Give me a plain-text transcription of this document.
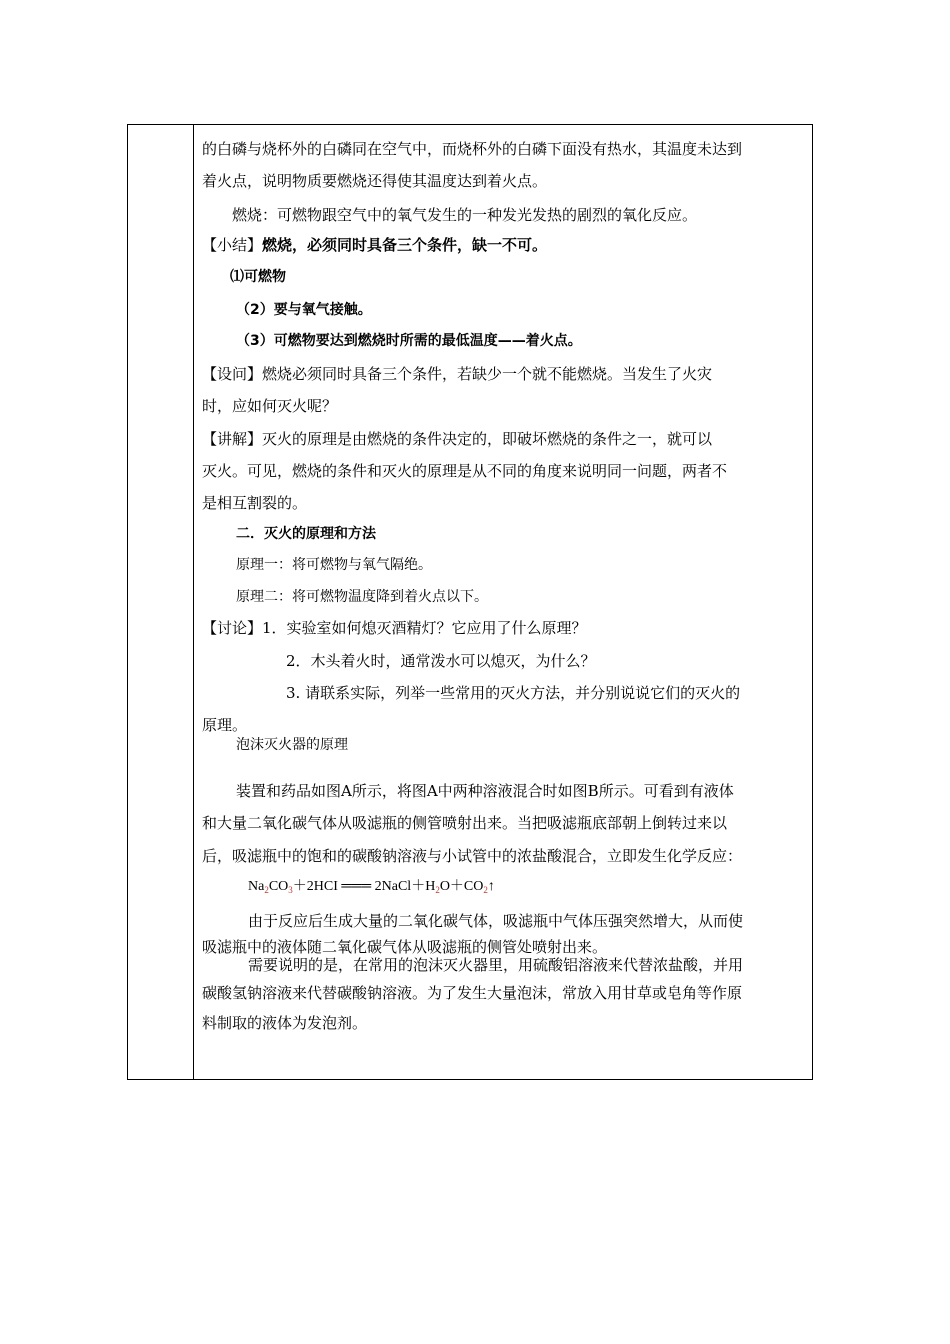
的白磷与烧杯外的白磷同在空气中，而烧杯外的白磷下面没有热水，其温度未达到
着火点，说明物质要燃烧还得使其温度达到着火点。
燃烧：可燃物跟空气中的氧气发生的一种发光发热的剧烈的氧化反应。
【小结】燃烧，必须同时具备三个条件，缺一不可。
⑴可燃物
（2）要与氧气接触。
（3）可燃物要达到燃烧时所需的最低温度——着火点。
【设问】燃烧必须同时具备三个条件，若缺少一个就不能燃烧。当发生了火灾
时，应如何灭火呢？
【讲解】灭火的原理是由燃烧的条件决定的，即破坏燃烧的条件之一，就可以
灭火。可见，燃烧的条件和灭火的原理是从不同的角度来说明同一问题，两者不
是相互割裂的。
二．灭火的原理和方法
原理一：将可燃物与氧气隔绝。
原理二：将可燃物温度降到着火点以下。
【讨论】1．实验室如何熄灭酒精灯？它应用了什么原理？
2．木头着火时，通常泼水可以熄灭，为什么？
3. 请联系实际，列举一些常用的灭火方法，并分别说说它们的灭火的
原理。
泡沫灭火器的原理
装置和药品如图A所示，将图A中两种溶液混合时如图B所示。可看到有液体
和大量二氧化碳气体从吸滤瓶的侧管喷射出来。当把吸滤瓶底部朝上倒转过来以
后，吸滤瓶中的饱和的碳酸钠溶液与小试管中的浓盐酸混合，立即发生化学反应：
$Na_2CO_3+2HCI$ ═══ $2NaCl+H_2O+CO_2↑$
由于反应后生成大量的二氧化碳气体，吸滤瓶中气体压强突然增大，从而使
吸滤瓶中的液体随二氧化碳气体从吸滤瓶的侧管处喷射出来。
需要说明的是，在常用的泡沫灭火器里，用硫酸铝溶液来代替浓盐酸，并用
碳酸氢钠溶液来代替碳酸钠溶液。为了发生大量泡沫，常放入用甘草或皂角等作原
料制取的液体为发泡剂。
